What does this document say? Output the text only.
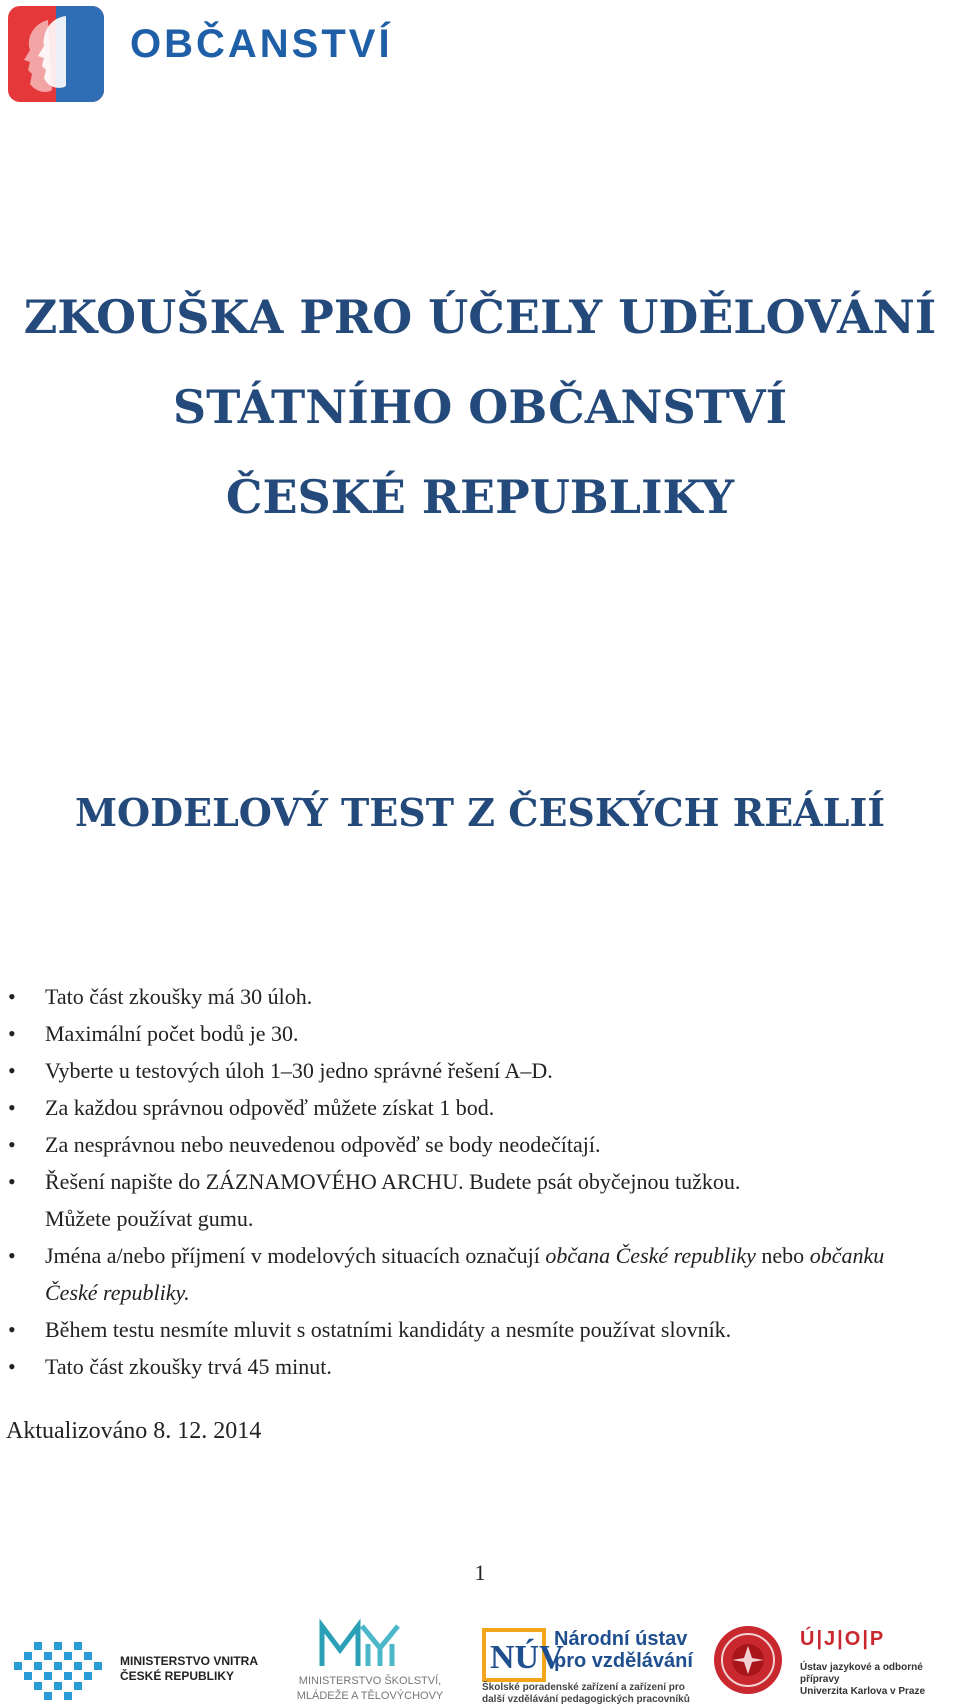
OBČANSTVÍ
ZKOUŠKA PRO ÚČELY UDĚLOVÁNÍ
STÁTNÍHO OBČANSTVÍ
ČESKÉ REPUBLIKY
MODELOVÝ TEST Z ČESKÝCH REÁLIÍ
• Tato část zkoušky má 30 úloh.
• Maximální počet bodů je 30.
• Vyberte u testových úloh 1–30 jedno správné řešení A–D.
• Za každou správnou odpověď můžete získat 1 bod.
• Za nesprávnou nebo neuvedenou odpověď se body neodečítají.
• Řešení napište do ZÁZNAMOVÉHO ARCHU. Budete psát obyčejnou tužkou.
Můžete používat gumu.
• Jména a/nebo příjmení v modelových situacích označují občana České republiky nebo občanku České republiky.
• Během testu nesmíte mluvit s ostatními kandidáty a nesmíte používat slovník.
• Tato část zkoušky trvá 45 minut.
Aktualizováno 8. 12. 2014
1
MINISTERSTVO VNITRA
ČESKÉ REPUBLIKY	MINISTERSTVO ŠKOLSTVÍ,
MLÁDEŽE A TĚLOVÝCHOVY
NÚV
Národní ústav
pro vzdělávání
Školské poradenské zařízení a zařízení pro
další vzdělávání pedagogických pracovníků
Ú|J|O|P
Ústav jazykové a odborné přípravy
Univerzita Karlova v Praze
